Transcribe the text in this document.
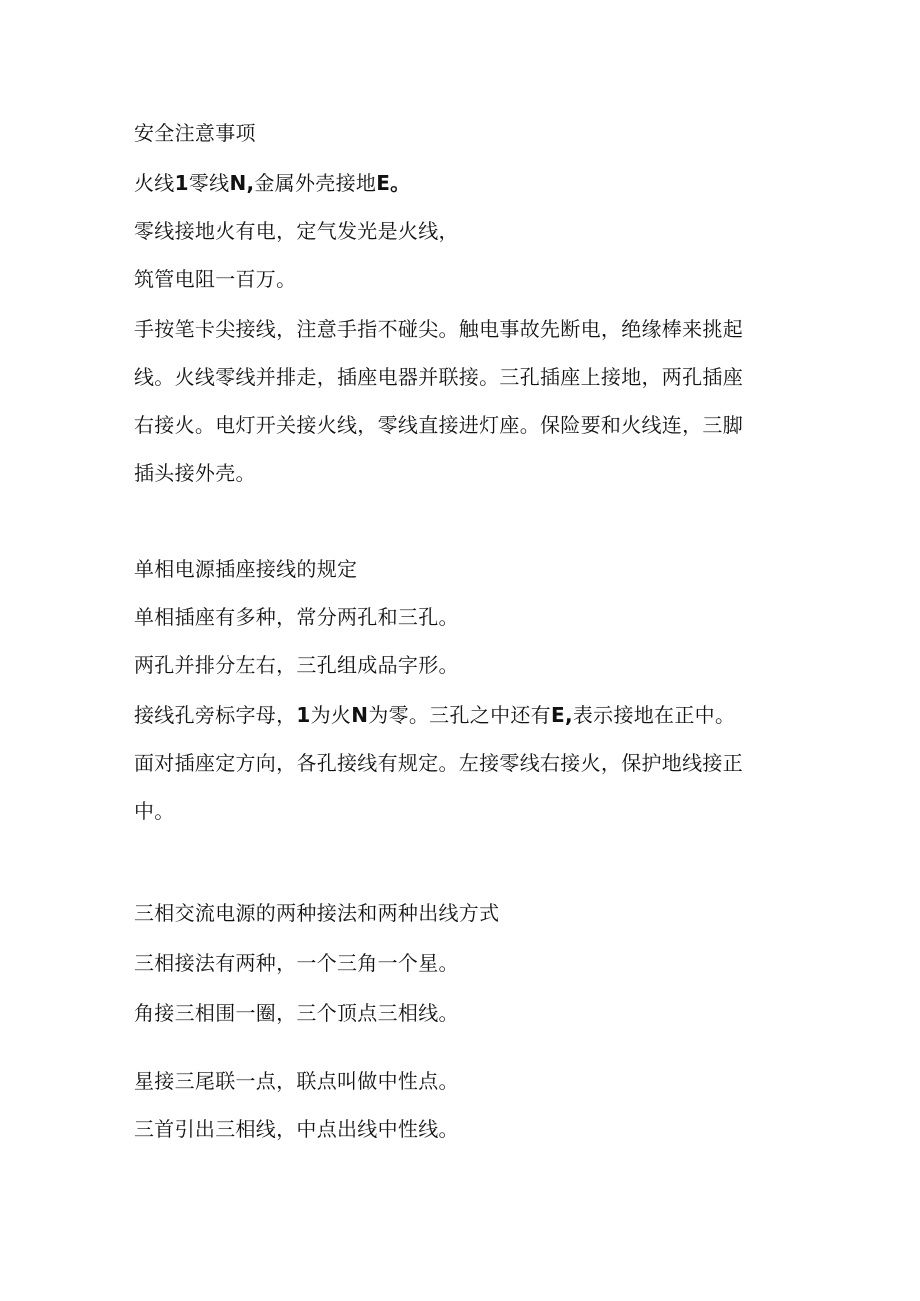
安全注意事项
火线1零线N,金属外壳接地E。
零线接地火有电，定气发光是火线，
筑管电阻一百万。
手按笔卡尖接线，注意手指不碰尖。触电事故先断电，绝缘棒来挑起
线。火线零线并排走，插座电器并联接。三孔插座上接地，两孔插座
右接火。电灯开关接火线，零线直接进灯座。保险要和火线连，三脚
插头接外壳。
单相电源插座接线的规定
单相插座有多种，常分两孔和三孔。
两孔并排分左右，三孔组成品字形。
接线孔旁标字母，1为火N为零。三孔之中还有E,表示接地在正中。
面对插座定方向，各孔接线有规定。左接零线右接火，保护地线接正
中。
三相交流电源的两种接法和两种出线方式
三相接法有两种，一个三角一个星。
角接三相围一圈，三个顶点三相线。
星接三尾联一点，联点叫做中性点。
三首引出三相线，中点出线中性线。
